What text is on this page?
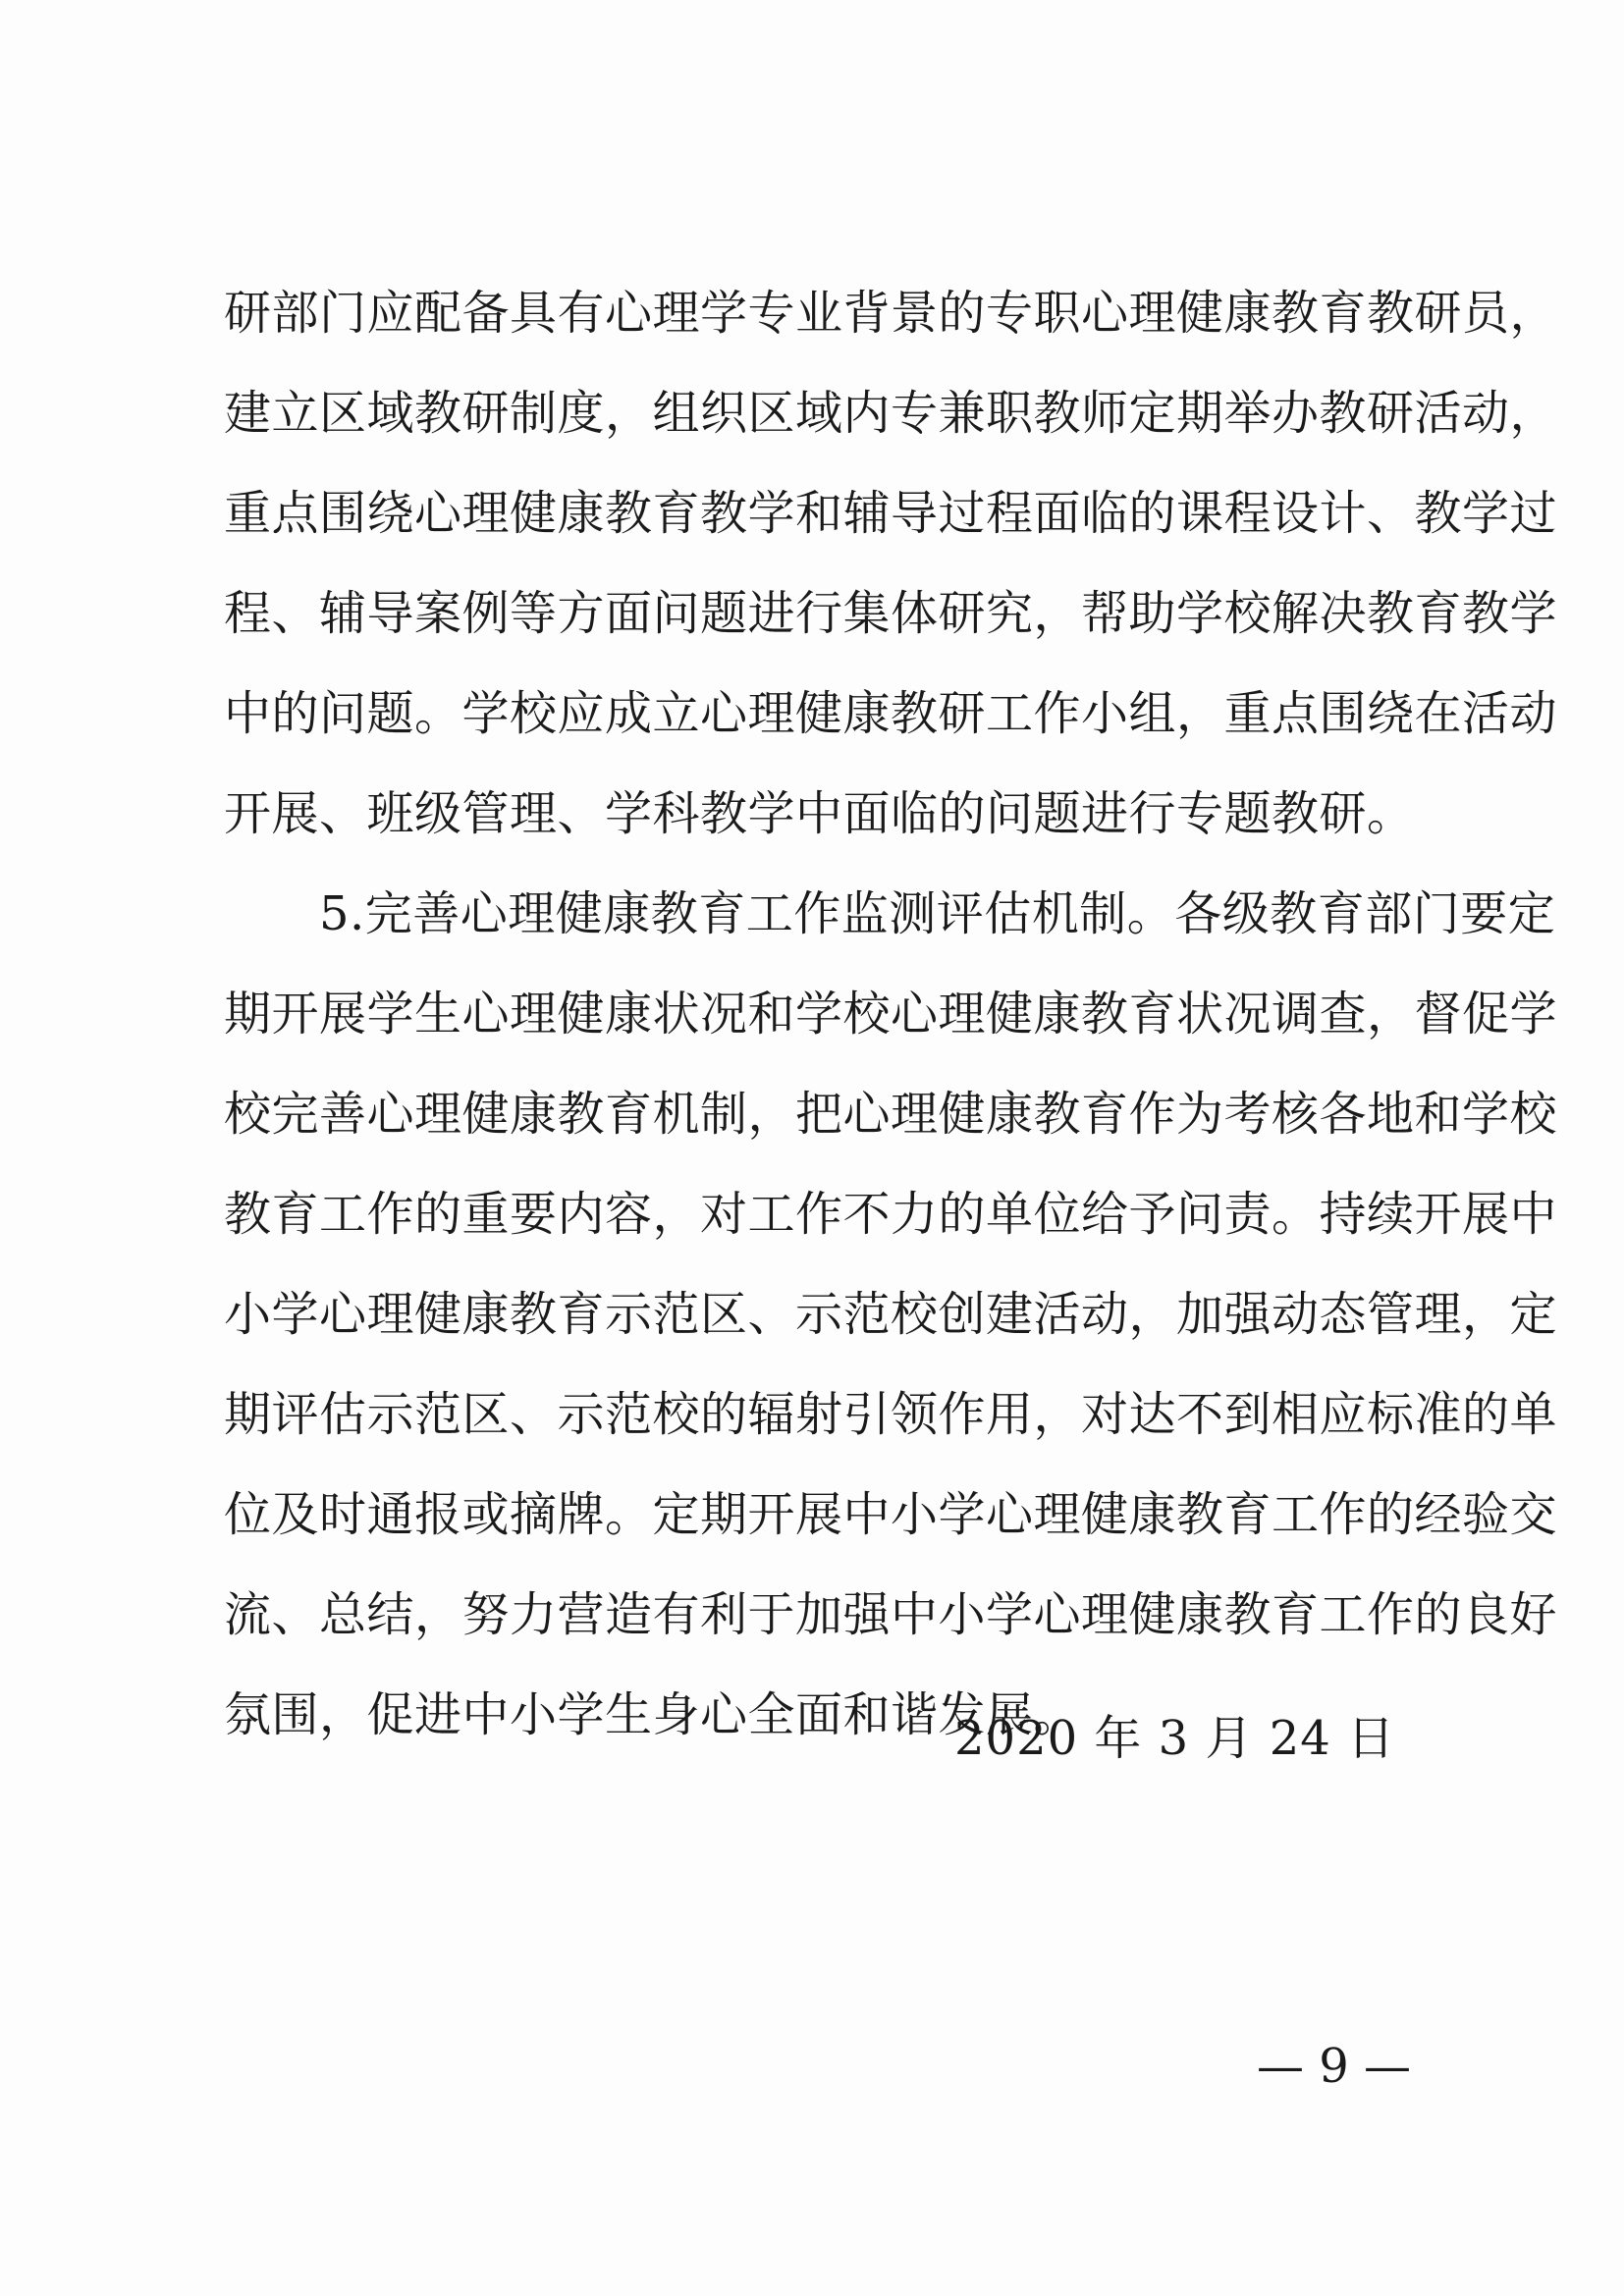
研部门应配备具有心理学专业背景的专职心理健康教育教研员，
建立区域教研制度，组织区域内专兼职教师定期举办教研活动，
重点围绕心理健康教育教学和辅导过程面临的课程设计、教学过
程、辅导案例等方面问题进行集体研究，帮助学校解决教育教学
中的问题。学校应成立心理健康教研工作小组，重点围绕在活动
开展、班级管理、学科教学中面临的问题进行专题教研。
　　5.完善心理健康教育工作监测评估机制。各级教育部门要定
期开展学生心理健康状况和学校心理健康教育状况调查，督促学
校完善心理健康教育机制，把心理健康教育作为考核各地和学校
教育工作的重要内容，对工作不力的单位给予问责。持续开展中
小学心理健康教育示范区、示范校创建活动，加强动态管理，定
期评估示范区、示范校的辐射引领作用，对达不到相应标准的单
位及时通报或摘牌。定期开展中小学心理健康教育工作的经验交
流、总结，努力营造有利于加强中小学心理健康教育工作的良好
氛围，促进中小学生身心全面和谐发展。
2020 年 3 月 24 日
— 9 —
